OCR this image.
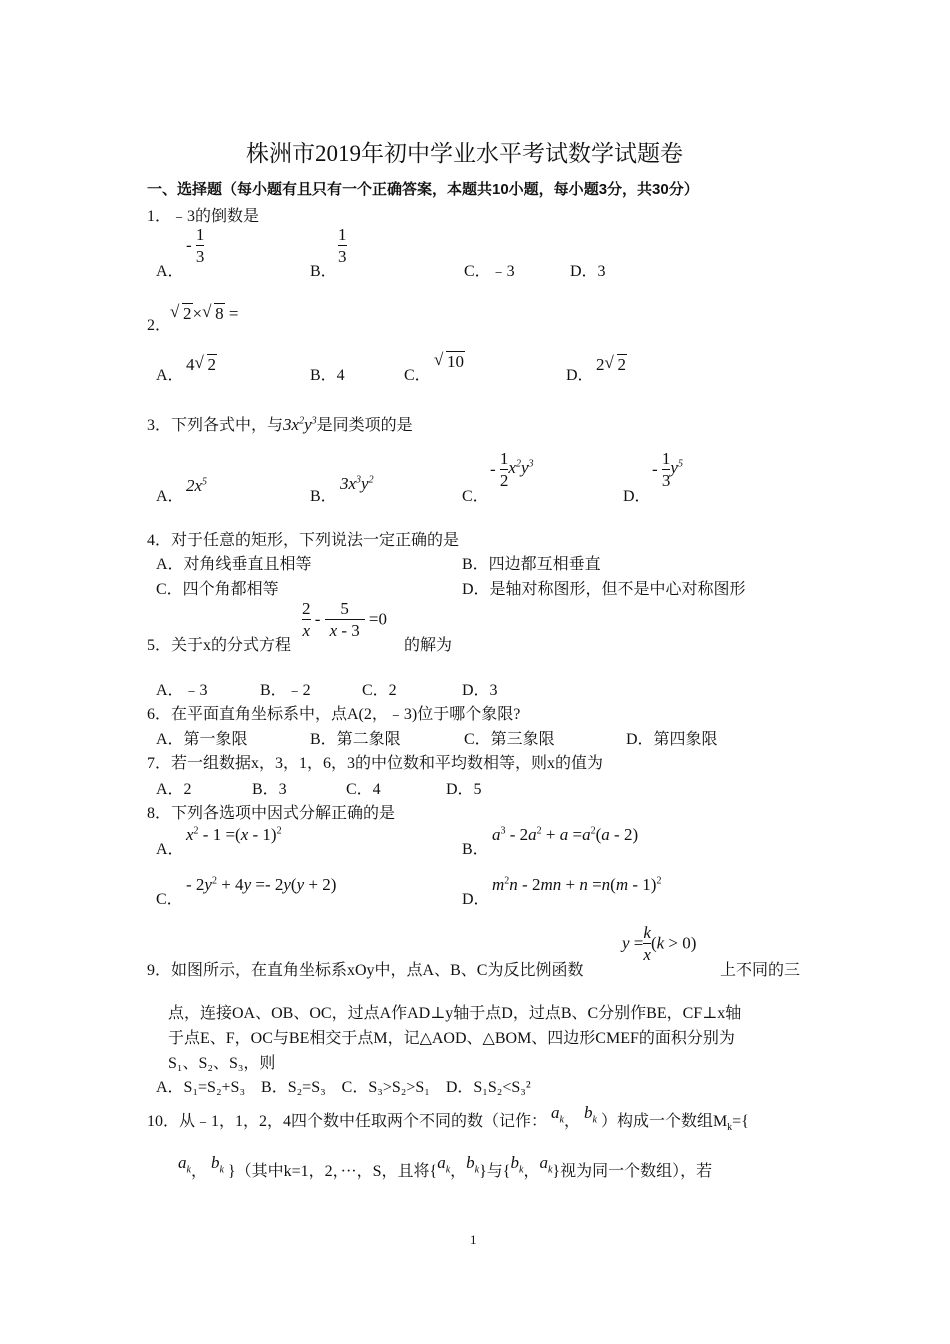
株洲市2019年初中学业水平考试数学试题卷
一、选择题（每小题有且只有一个正确答案，本题共10小题，每小题3分，共30分）
1．﹣3的倒数是
A．
- $\frac{1}{3}$
B．
$\frac{1}{3}$
C．﹣3	D．3
2．
√ 2× √ 8 =
A．
4 √ 2
B．4	C．
√ 10
D．
2 √ 2
3．下列各式中，与$3x^2y^3$是同类项的是
A．
$2x^5$
B．
$3x^3y^2$
C．
- $\frac{1}{2} x^2y^3$
D．
- $\frac{1}{3} y^5$
4．对于任意的矩形，下列说法一定正确的是
A．对角线垂直且相等	B．四边都互相垂直
C．四个角都相等	D．是轴对称图形，但不是中心对称图形
5．关于x的分式方程
$\frac{2}{x} - \frac{5}{x - 3} =0$
的解为
A．﹣3	B．﹣2	C．2	D．3
6．在平面直角坐标系中，点A(2，﹣3)位于哪个象限?
A．第一象限	B．第二象限	C．第三象限	D．第四象限
7．若一组数据x，3，1，6，3的中位数和平均数相等，则x的值为
A．2	B．3	C．4	D．5
8．下列各选项中因式分解正确的是
A．
$x^2 - 1 =(x - 1)^2$
B．
$a^3 - 2a^2 + a =a^2(a - 2)$
C．
- $2y^2 + 4y =- 2y(y + 2)$
D．
$m^2n - 2mn + n =n(m - 1)^2$
9．如图所示，在直角坐标系xOy中，点A、B、C为反比例函数
$y = \frac{k}{x} (k > 0)$
上不同的三
点，连接OA、OB、OC，过点A作AD⊥y轴于点D，过点B、C分别作BE，CF⊥x轴
于点E、F，OC与BE相交于点M，记△AOD、△BOM、四边形CMEF的面积分别为
S₁、S₂、S₃，则
A．S₁=S₂+S₃　B．S₂=S₃　C．S₃>S₂>S₁　D．S₁S₂<S₃²
10．从﹣1，1，2，4四个数中任取两个不同的数（记作： $a_k$， $b_k$ ）构成一个数组$M_k=${
$a_k$， $b_k$ }（其中k=1，2，···，S，且将{$a_k$，$b_k$}与{$b_k$，$a_k$}视为同一个数组），若
1
